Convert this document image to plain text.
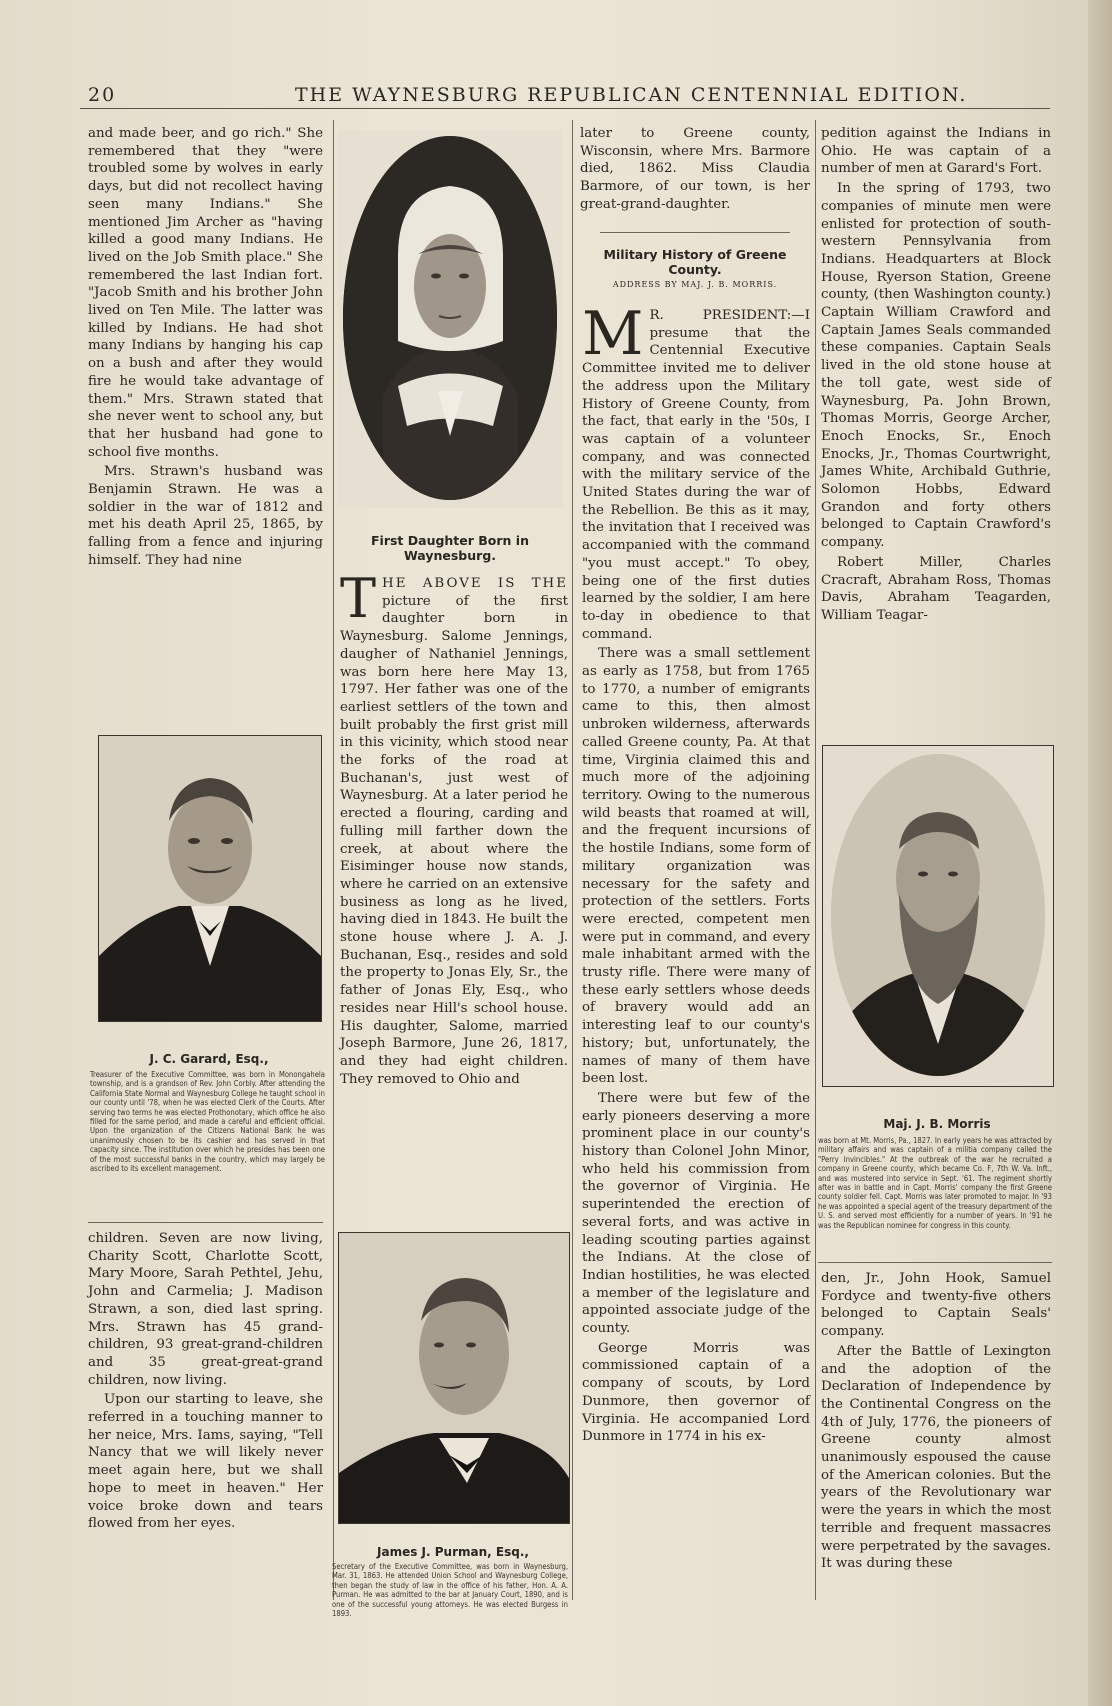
20	THE WAYNESBURG REPUBLICAN CENTENNIAL EDITION.

and made beer, and go rich." She remembered that they "were troubled some by wolves in early days, but did not recollect having seen many Indians." She mentioned Jim Archer as "having killed a good many Indians. He lived on the Job Smith place." She remembered the last Indian fort. "Jacob Smith and his brother John lived on Ten Mile. The latter was killed by Indians. He had shot many Indians by hanging his cap on a bush and after they would fire he would take advantage of them." Mrs. Strawn stated that she never went to school any, but that her husband had gone to school five months.

Mrs. Strawn's husband was Benjamin Strawn. He was a soldier in the war of 1812 and met his death April 25, 1865, by falling from a fence and injuring himself. They had nine

J. C. Garard, Esq.,
Treasurer of the Executive Committee, was born in Monongahela township, and is a grandson of Rev. John Corbly. After attending the California State Normal and Waynesburg College he taught school in our county until '78, when he was elected Clerk of the Courts. After serving two terms he was elected Prothonotary, which office he also filled for the same period, and made a careful and efficient official. Upon the organization of the Citizens National Bank he was unanimously chosen to be its cashier and has served in that capacity since. The institution over which he presides has been one of the most successful banks in the country, which may largely be ascribed to its excellent management.

children. Seven are now living, Charity Scott, Charlotte Scott, Mary Moore, Sarah Pethtel, Jehu, John and Carmelia; J. Madison Strawn, a son, died last spring. Mrs. Strawn has 45 grand-children, 93 great-grand-children and 35 great-great-grand children, now living.

Upon our starting to leave, she referred in a touching manner to her neice, Mrs. Iams, saying, "Tell Nancy that we will likely never meet again here, but we shall hope to meet in heaven." Her voice broke down and tears flowed from her eyes.

First Daughter Born in Waynesburg.

THE ABOVE IS THE picture of the first daughter born in Waynesburg. Salome Jennings, daugher of Nathaniel Jennings, was born here here May 13, 1797. Her father was one of the earliest settlers of the town and built probably the first grist mill in this vicinity, which stood near the forks of the road at Buchanan's, just west of Waynesburg. At a later period he erected a flouring, carding and fulling mill farther down the creek, at about where the Eisiminger house now stands, where he carried on an extensive business as long as he lived, having died in 1843. He built the stone house where J. A. J. Buchanan, Esq., resides and sold the property to Jonas Ely, Sr., the father of Jonas Ely, Esq., who resides near Hill's school house. His daughter, Salome, married Joseph Barmore, June 26, 1817, and they had eight children. They removed to Ohio and

James J. Purman, Esq.,
Secretary of the Executive Committee, was born in Waynesburg, Mar. 31, 1863. He attended Union School and Waynesburg College, then began the study of law in the office of his father, Hon. A. A. Purman. He was admitted to the bar at January Court, 1890, and is one of the successful young attorneys. He was elected Burgess in 1893.

later to Greene county, Wisconsin, where Mrs. Barmore died, 1862. Miss Claudia Barmore, of our town, is her great-grand-daughter.

Military History of Greene County.
ADDRESS BY MAJ. J. B. MORRIS.

M R. PRESIDENT:—I presume that the Centennial Executive Committee invited me to deliver the address upon the Military History of Greene County, from the fact, that early in the '50s, I was captain of a volunteer company, and was connected with the military service of the United States during the war of the Rebellion. Be this as it may, the invitation that I received was accompanied with the command "you must accept." To obey, being one of the first duties learned by the soldier, I am here to-day in obedience to that command.

There was a small settlement as early as 1758, but from 1765 to 1770, a number of emigrants came to this, then almost unbroken wilderness, afterwards called Greene county, Pa. At that time, Virginia claimed this and much more of the adjoining territory. Owing to the numerous wild beasts that roamed at will, and the frequent incursions of the hostile Indians, some form of military organization was necessary for the safety and protection of the settlers. Forts were erected, competent men were put in command, and every male inhabitant armed with the trusty rifle. There were many of these early settlers whose deeds of bravery would add an interesting leaf to our county's history; but, unfortunately, the names of many of them have been lost.

There were but few of the early pioneers deserving a more prominent place in our county's history than Colonel John Minor, who held his commission from the governor of Virginia. He superintended the erection of several forts, and was active in leading scouting parties against the Indians. At the close of Indian hostilities, he was elected a member of the legislature and appointed associate judge of the county.

George Morris was commissioned captain of a company of scouts, by Lord Dunmore, then governor of Virginia. He accompanied Lord Dunmore in 1774 in his ex-

pedition against the Indians in Ohio. He was captain of a number of men at Garard's Fort.

In the spring of 1793, two companies of minute men were enlisted for protection of south-western Pennsylvania from Indians. Headquarters at Block House, Ryerson Station, Greene county, (then Washington county.) Captain William Crawford and Captain James Seals commanded these companies. Captain Seals lived in the old stone house at the toll gate, west side of Waynesburg, Pa. John Brown, Thomas Morris, George Archer, Enoch Enocks, Sr., Enoch Enocks, Jr., Thomas Courtwright, James White, Archibald Guthrie, Solomon Hobbs, Edward Grandon and forty others belonged to Captain Crawford's company.

Robert Miller, Charles Cracraft, Abraham Ross, Thomas Davis, Abraham Teagarden, William Teagar-

Maj. J. B. Morris
was born at Mt. Morris, Pa., 1827. In early years he was attracted by military affairs and was captain of a militia company called the "Perry Invincibles." At the outbreak of the war he recruited a company in Greene county, which became Co. F, 7th W. Va. Inft., and was mustered into service in Sept. '61. The regiment shortly after was in battle and in Capt. Morris' company the first Greene county soldier fell. Capt. Morris was later promoted to major. In '93 he was appointed a special agent of the treasury department of the U. S. and served most efficiently for a number of years. In '91 he was the Republican nominee for congress in this county.

den, Jr., John Hook, Samuel Fordyce and twenty-five others belonged to Captain Seals' company.

After the Battle of Lexington and the adoption of the Declaration of Independence by the Continental Congress on the 4th of July, 1776, the pioneers of Greene county almost unanimously espoused the cause of the American colonies. But the years of the Revolutionary war were the years in which the most terrible and frequent massacres were perpetrated by the savages. It was during these
